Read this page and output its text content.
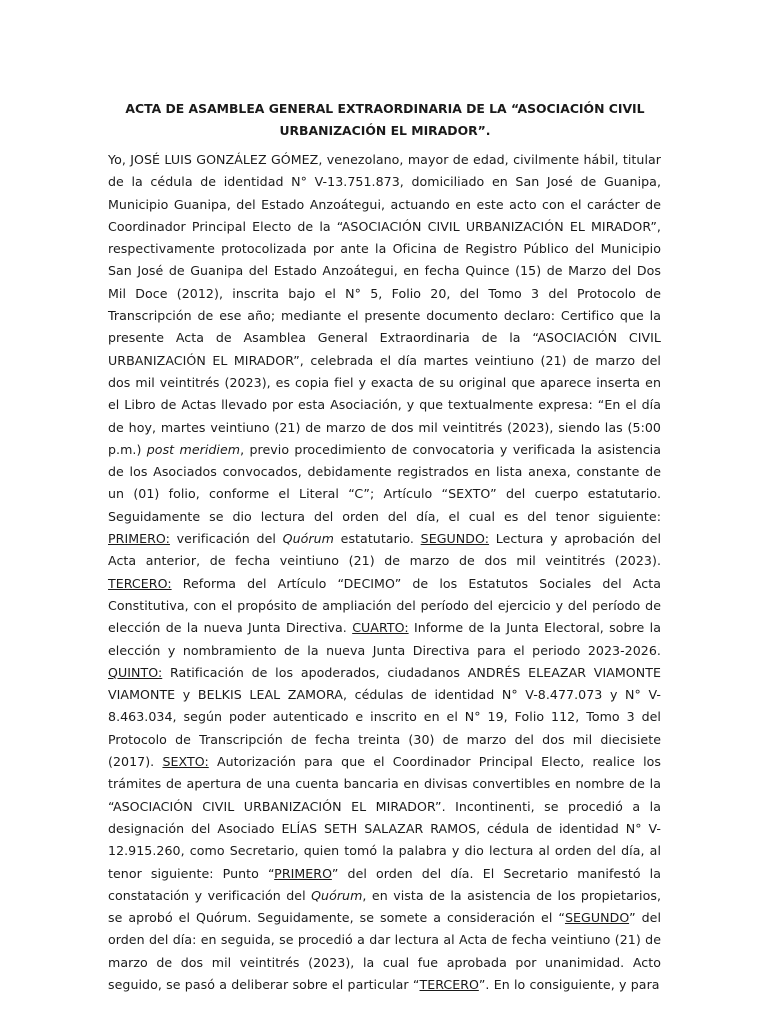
ACTA DE ASAMBLEA GENERAL EXTRAORDINARIA DE LA “ASOCIACIÓN CIVIL URBANIZACIÓN EL MIRADOR”.

Yo, JOSÉ LUIS GONZÁLEZ GÓMEZ, venezolano, mayor de edad, civilmente hábil, titular de la cédula de identidad N° V-13.751.873, domiciliado en San José de Guanipa, Municipio Guanipa, del Estado Anzoátegui, actuando en este acto con el carácter de Coordinador Principal Electo de la “ASOCIACIÓN CIVIL URBANIZACIÓN EL MIRADOR”, respectivamente protocolizada por ante la Oficina de Registro Público del Municipio San José de Guanipa del Estado Anzoátegui, en fecha Quince (15) de Marzo del Dos Mil Doce (2012), inscrita bajo el N° 5, Folio 20, del Tomo 3 del Protocolo de Transcripción de ese año; mediante el presente documento declaro: Certifico que la presente Acta de Asamblea General Extraordinaria de la “ASOCIACIÓN CIVIL URBANIZACIÓN EL MIRADOR”, celebrada el día martes veintiuno (21) de marzo del dos mil veintitrés (2023), es copia fiel y exacta de su original que aparece inserta en el Libro de Actas llevado por esta Asociación, y que textualmente expresa: “En el día de hoy, martes veintiuno (21) de marzo de dos mil veintitrés (2023), siendo las (5:00 p.m.) post meridiem, previo procedimiento de convocatoria y verificada la asistencia de los Asociados convocados, debidamente registrados en lista anexa, constante de un (01) folio, conforme el Literal “C”; Artículo “SEXTO” del cuerpo estatutario. Seguidamente se dio lectura del orden del día, el cual es del tenor siguiente: PRIMERO: verificación del Quórum estatutario. SEGUNDO: Lectura y aprobación del Acta anterior, de fecha veintiuno (21) de marzo de dos mil veintitrés (2023). TERCERO: Reforma del Artículo “DECIMO” de los Estatutos Sociales del Acta Constitutiva, con el propósito de ampliación del período del ejercicio y del período de elección de la nueva Junta Directiva. CUARTO: Informe de la Junta Electoral, sobre la elección y nombramiento de la nueva Junta Directiva para el periodo 2023-2026. QUINTO: Ratificación de los apoderados, ciudadanos ANDRÉS ELEAZAR VIAMONTE VIAMONTE y BELKIS LEAL ZAMORA, cédulas de identidad N° V-8.477.073 y N° V-8.463.034, según poder autenticado e inscrito en el N° 19, Folio 112, Tomo 3 del Protocolo de Transcripción de fecha treinta (30) de marzo del dos mil diecisiete (2017). SEXTO: Autorización para que el Coordinador Principal Electo, realice los trámites de apertura de una cuenta bancaria en divisas convertibles en nombre de la “ASOCIACIÓN CIVIL URBANIZACIÓN EL MIRADOR”. Incontinenti, se procedió a la designación del Asociado ELÍAS SETH SALAZAR RAMOS, cédula de identidad N° V-12.915.260, como Secretario, quien tomó la palabra y dio lectura al orden del día, al tenor siguiente: Punto “PRIMERO” del orden del día. El Secretario manifestó la constatación y verificación del Quórum, en vista de la asistencia de los propietarios, se aprobó el Quórum. Seguidamente, se somete a consideración el “SEGUNDO” del orden del día: en seguida, se procedió a dar lectura al Acta de fecha veintiuno (21) de marzo de dos mil veintitrés (2023), la cual fue aprobada por unanimidad. Acto seguido, se pasó a deliberar sobre el particular “TERCERO”. En lo consiguiente, y para
